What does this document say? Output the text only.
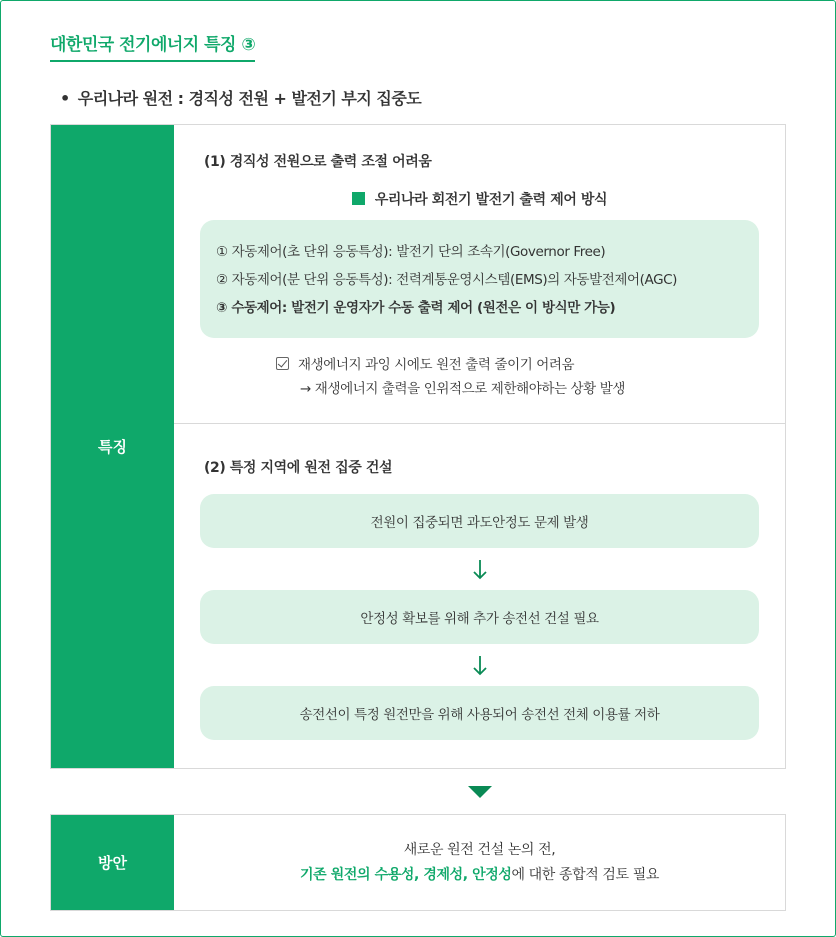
대한민국 전기에너지 특징 ③
• 우리나라 원전 : 경직성 전원 + 발전기 부지 집중도
특징
(1) 경직성 전원으로 출력 조절 어려움
우리나라 회전기 발전기 출력 제어 방식
① 자동제어(초 단위 응동특성): 발전기 단의 조속기(Governor Free)
② 자동제어(분 단위 응동특성): 전력계통운영시스템(EMS)의 자동발전제어(AGC)
③ 수동제어: 발전기 운영자가 수동 출력 제어 (원전은 이 방식만 가능)
재생에너지 과잉 시에도 원전 출력 줄이기 어려움
→ 재생에너지 출력을 인위적으로 제한해야하는 상황 발생
(2) 특정 지역에 원전 집중 건설
전원이 집중되면 과도안정도 문제 발생
안정성 확보를 위해 추가 송전선 건설 필요
송전선이 특정 원전만을 위해 사용되어 송전선 전체 이용률 저하
방안
새로운 원전 건설 논의 전,
기존 원전의 수용성, 경제성, 안정성에 대한 종합적 검토 필요
